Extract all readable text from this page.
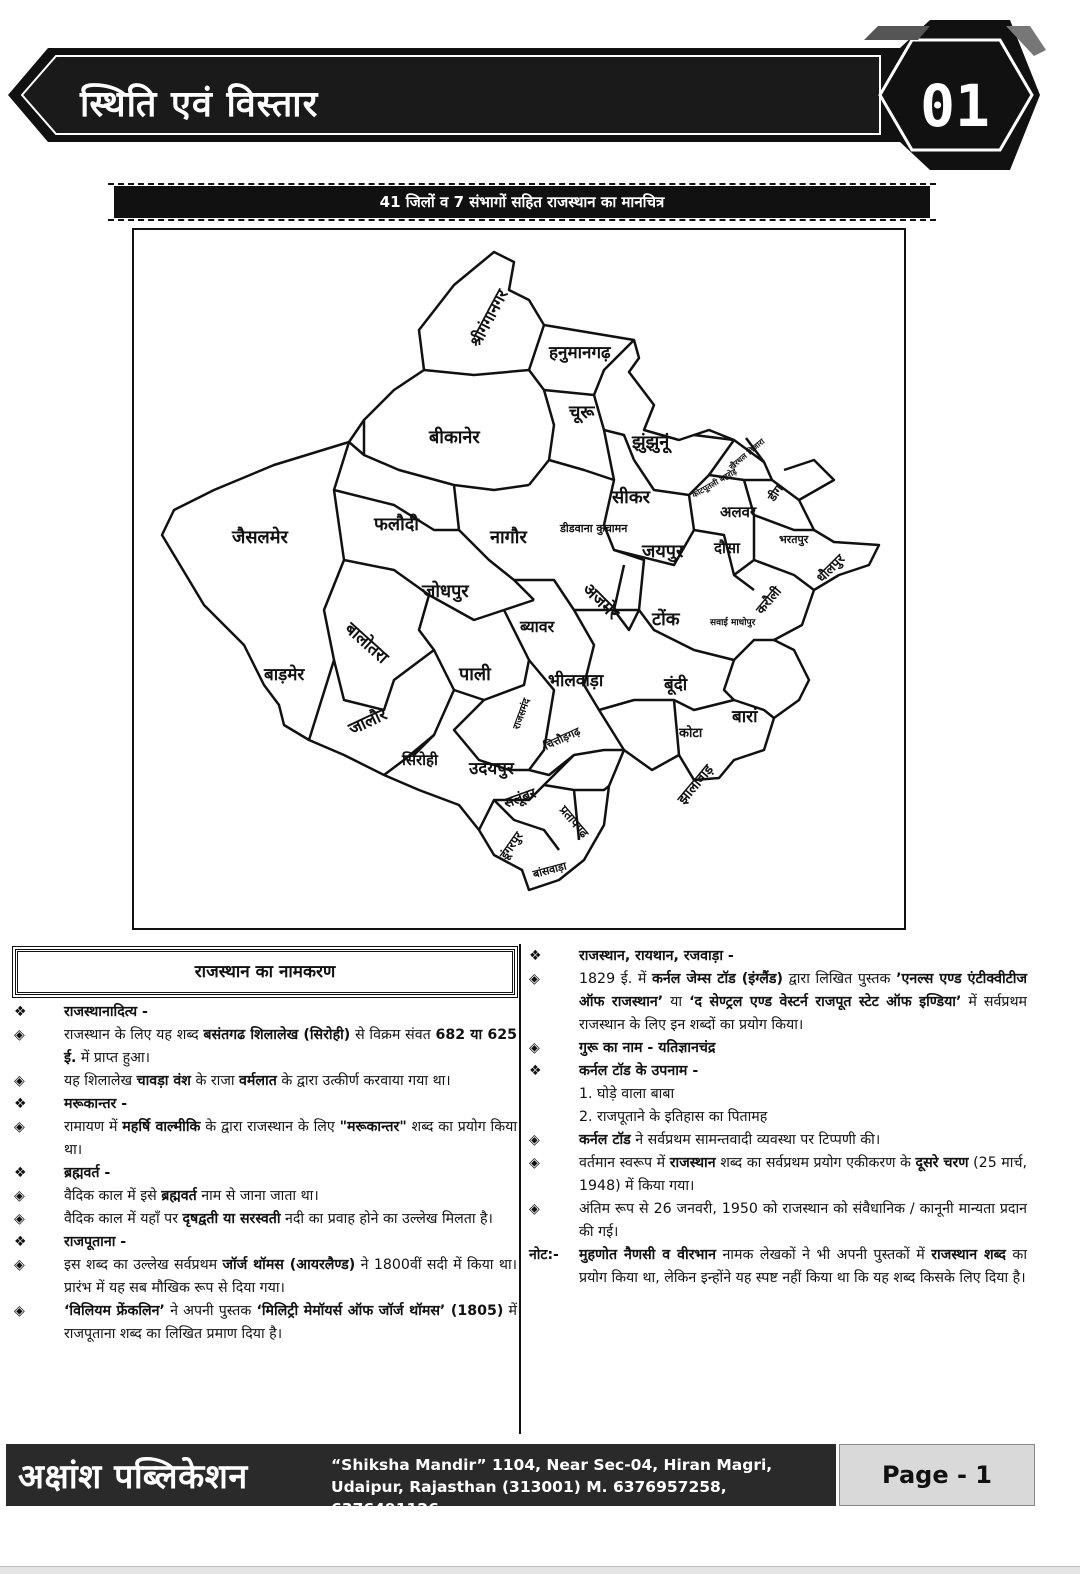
स्थिति एवं विस्तार	01
41 जिलों व 7 संभागों सहित राजस्थान का मानचित्र
श्रीगंगानगर
हनुमानगढ़
चूरू
बीकानेर	झुंझुनूं
कोटपूतली बहरोड़
खैरथल तिजारा
डीग
सीकर
अलवर
भरतपुर
जैसलमेर
फलौदी
नागौर	डीडवाना कुचामन
जयपुर दौसा
धौलपुर
जोधपुर	अजमेर
ब्यावर	टोंक	सवाई माधोपुर
करौली
बालोतरा
बाड़मेर	पाली
राजसमंद
भीलवाड़ा	बूंदी
बारां
कोटा
जालौर
सिरोही उदयपुर
चित्तौड़गढ़
झालावाड़
सलूंबर
प्रतापगढ़
डूंगरपुर
बांसवाड़ा
राजस्थान का नामकरण
❖	राजस्थानादित्य -
◈	राजस्थान के लिए यह शब्द बसंतगढ शिलालेख (सिरोही) से विक्रम संवत 682 या 625 ई. में प्राप्त हुआ।
◈	यह शिलालेख चावड़ा वंश के राजा वर्मलात के द्वारा उत्कीर्ण करवाया गया था।
❖	मरूकान्तर -
◈	रामायण में महर्षि वाल्मीकि के द्वारा राजस्थान के लिए "मरूकान्तर" शब्द का प्रयोग किया था।
❖	ब्रह्मवर्त -
◈	वैदिक काल में इसे ब्रह्मवर्त नाम से जाना जाता था।
◈	वैदिक काल में यहाँ पर दृषद्वती या सरस्वती नदी का प्रवाह होने का उल्लेख मिलता है।
❖	राजपूताना -
◈	इस शब्द का उल्लेख सर्वप्रथम जॉर्ज थॉमस (आयरलैण्ड) ने 1800वीं सदी में किया था। प्रारंभ में यह सब मौखिक रूप से दिया गया।
◈	‘विलियम फ्रेंकलिन’ ने अपनी पुस्तक ‘मिलिट्री मेमॉयर्स ऑफ जॉर्ज थॉमस’ (1805) में राजपूताना शब्द का लिखित प्रमाण दिया है।
❖	राजस्थान, रायथान, रजवाड़ा -
◈	1829 ई. में कर्नल जेम्स टॉड (इंग्लैंड) द्वारा लिखित पुस्तक ’एनल्स एण्ड एंटीक्वीटीज ऑफ राजस्थान’ या ‘द सेण्ट्रल एण्ड वेस्टर्न राजपूत स्टेट ऑफ इण्डिया’ में सर्वप्रथम राजस्थान के लिए इन शब्दों का प्रयोग किया।
◈	गुरू का नाम - यतिज्ञानचंद्र
❖	कर्नल टॉड के उपनाम -
1. घोड़े वाला बाबा
2. राजपूताने के इतिहास का पितामह
◈	कर्नल टॉड ने सर्वप्रथम सामन्तवादी व्यवस्था पर टिप्पणी की।
◈	वर्तमान स्वरूप में राजस्थान शब्द का सर्वप्रथम प्रयोग एकीकरण के दूसरे चरण (25 मार्च, 1948) में किया गया।
◈	अंतिम रूप से 26 जनवरी, 1950 को राजस्थान को संवैधानिक / कानूनी मान्यता प्रदान की गई।
नोट:-	मुहणोत नैणसी व वीरभान नामक लेखकों ने भी अपनी पुस्तकों में राजस्थान शब्द का प्रयोग किया था, लेकिन इन्होंने यह स्पष्ट नहीं किया था कि यह शब्द किसके लिए दिया है।
अक्षांश पब्लिकेशन	“Shiksha Mandir” 1104, Near Sec-04, Hiran Magri,
Udaipur, Rajasthan (313001) M. 6376957258, 6376491126
Page - 1
